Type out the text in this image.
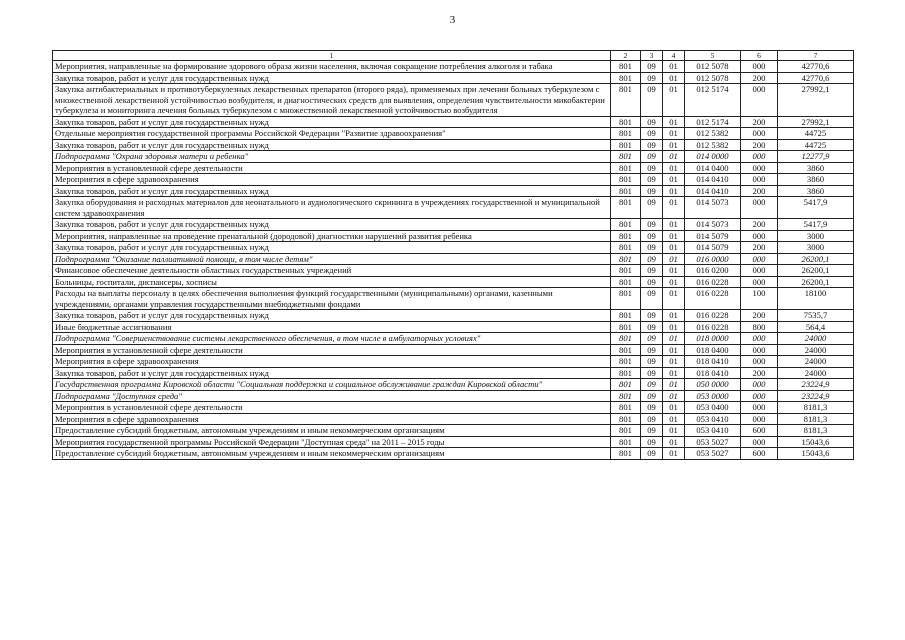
3
1	2	3	4	5	6	7
Мероприятия, направленные на формирование здорового образа жизни населения, включая сокращение потребления алкоголя и табака	801	09	01	012 5078	000	42770,6
Закупка товаров, работ и услуг для государственных нужд	801	09	01	012 5078	200	42770,6
Закупка антибактериальных и противотуберкулезных лекарственных препаратов (второго ряда), применяемых при лечении больных туберкулезом с множественной лекарственной устойчивостью возбудителя, и диагностических средств для выявления, определения чувствительности микобактерии туберкулеза и мониторинга лечения больных туберкулезом с множественной лекарственной устойчивостью возбудителя	801	09	01	012 5174	000	27992,1
Закупка товаров, работ и услуг для государственных нужд	801	09	01	012 5174	200	27992,1
Отдельные мероприятия государственной программы Российской Федерации "Развитие здравоохранения"	801	09	01	012 5382	000	44725
Закупка товаров, работ и услуг для государственных нужд	801	09	01	012 5382	200	44725
Подпрограмма "Охрана здоровья матери и ребенка"	801	09	01	014 0000	000	12277,9
Мероприятия в установленной сфере деятельности	801	09	01	014 0400	000	3860
Мероприятия в сфере здравоохранения	801	09	01	014 0410	000	3860
Закупка товаров, работ и услуг для государственных нужд	801	09	01	014 0410	200	3860
Закупка оборудования и расходных материалов для неонатального и аудиологического скрининга в учреждениях государственной и муниципальной систем здравоохранения	801	09	01	014 5073	000	5417,9
Закупка товаров, работ и услуг для государственных нужд	801	09	01	014 5073	200	5417,9
Мероприятия, направленные на проведение пренатальной (дородовой) диагностики нарушений развития ребенка	801	09	01	014 5079	000	3000
Закупка товаров, работ и услуг для государственных нужд	801	09	01	014 5079	200	3000
Подпрограмма "Оказание паллиативной помощи, в том числе детям"	801	09	01	016 0000	000	26200,1
Финансовое обеспечение деятельности областных государственных учреждений	801	09	01	016 0200	000	26200,1
Больницы, госпитали, диспансеры, хосписы	801	09	01	016 0228	000	26200,1
Расходы на выплаты персоналу в целях обеспечения выполнения функций государственными (муниципальными) органами, казенными учреждениями, органами управления государственными внебюджетными фондами	801	09	01	016 0228	100	18100
Закупка товаров, работ и услуг для государственных нужд	801	09	01	016 0228	200	7535,7
Иные бюджетные ассигнования	801	09	01	016 0228	800	564,4
Подпрограмма "Совершенствование системы лекарственного обеспечения, в том числе в амбулаторных условиях"	801	09	01	018 0000	000	24000
Мероприятия в установленной сфере деятельности	801	09	01	018 0400	000	24000
Мероприятия в сфере здравоохранения	801	09	01	018 0410	000	24000
Закупка товаров, работ и услуг для государственных нужд	801	09	01	018 0410	200	24000
Государственная программа Кировской области "Социальная поддержка и социальное обслуживание граждан Кировской области"	801	09	01	050 0000	000	23224,9
Подпрограмма "Доступная среда"	801	09	01	053 0000	000	23224,9
Мероприятия в установленной сфере деятельности	801	09	01	053 0400	000	8181,3
Мероприятия в сфере здравоохранения	801	09	01	053 0410	000	8181,3
Предоставление субсидий бюджетным, автономным учреждениям и иным некоммерческим организациям	801	09	01	053 0410	600	8181,3
Мероприятия государственной программы Российской Федерации "Доступная среда" на 2011 – 2015 годы	801	09	01	053 5027	000	15043,6
Предоставление субсидий бюджетным, автономным учреждениям и иным некоммерческим организациям	801	09	01	053 5027	600	15043,6
